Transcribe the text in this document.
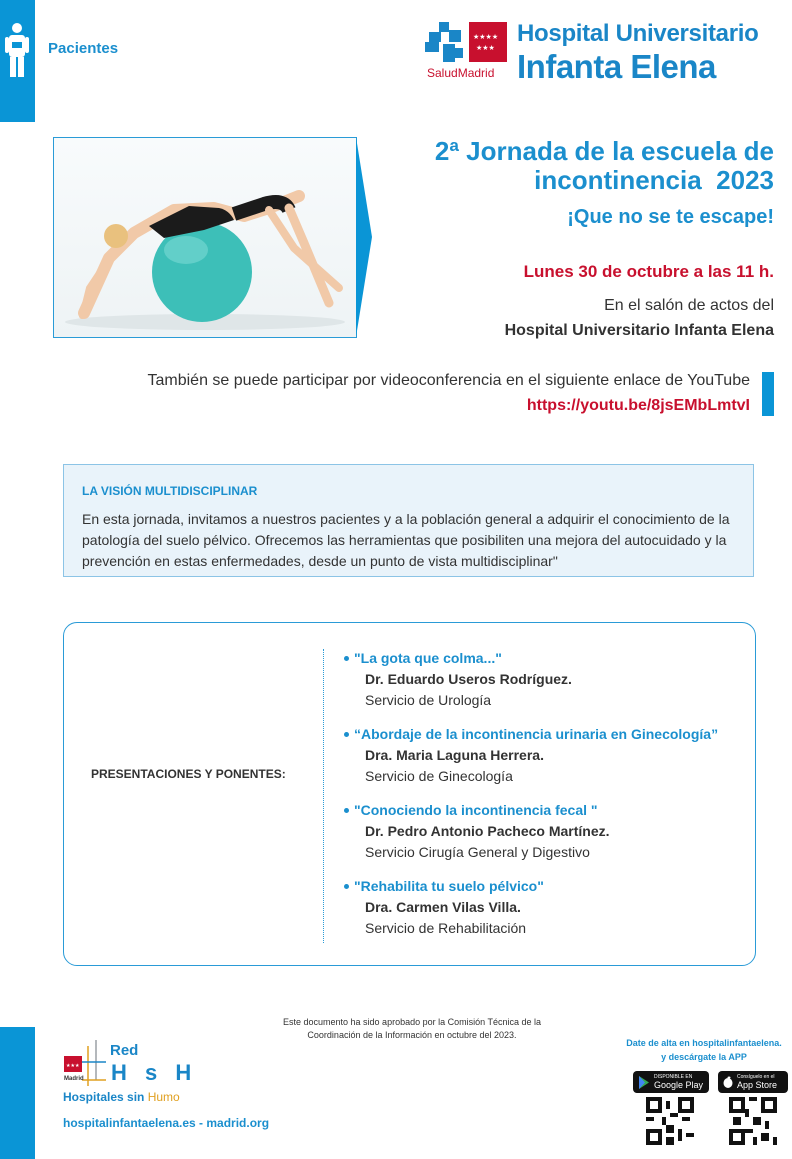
Pacientes
★★★★
★★★
SaludMadrid
Hospital Universitario
Infanta Elena
2ª Jornada de la escuela de
incontinencia  2023
¡Que no se te escape!
Lunes 30 de octubre a las 11 h.
En el salón de actos del
Hospital Universitario Infanta Elena
También se puede participar por videoconferencia en el siguiente enlace de YouTube
https://youtu.be/8jsEMbLmtvI
LA VISIÓN MULTIDISCIPLINAR
En esta jornada, invitamos a nuestros pacientes y a la población general a adquirir el conocimiento de la patología del suelo pélvico. Ofrecemos las herramientas que posibiliten una mejora del autocuidado y la prevención en estas enfermedades, desde un punto de vista multidisciplinar"
PRESENTACIONES Y PONENTES:
"La gota que colma..."
Dr. Eduardo Useros Rodríguez.
Servicio de Urología
“Abordaje de la incontinencia urinaria en Ginecología”
Dra. Maria Laguna Herrera.
Servicio de Ginecología
"Conociendo la incontinencia fecal "
Dr. Pedro Antonio Pacheco Martínez.
Servicio Cirugía General y Digestivo
"Rehabilita tu suelo pélvico"
Dra. Carmen Vilas Villa.
Servicio de Rehabilitación
Este documento ha sido aprobado por la Comisión Técnica de la
Coordinación de la Información en octubre del 2023.
★★★
Madrid
Red
H s H
Hospitales sin Humo
hospitalinfantaelena.es - madrid.org
Date de alta en hospitalinfantaelena.
y descárgate la APP
DISPONIBLE EN
Google Play
Consíguelo en el
App Store
